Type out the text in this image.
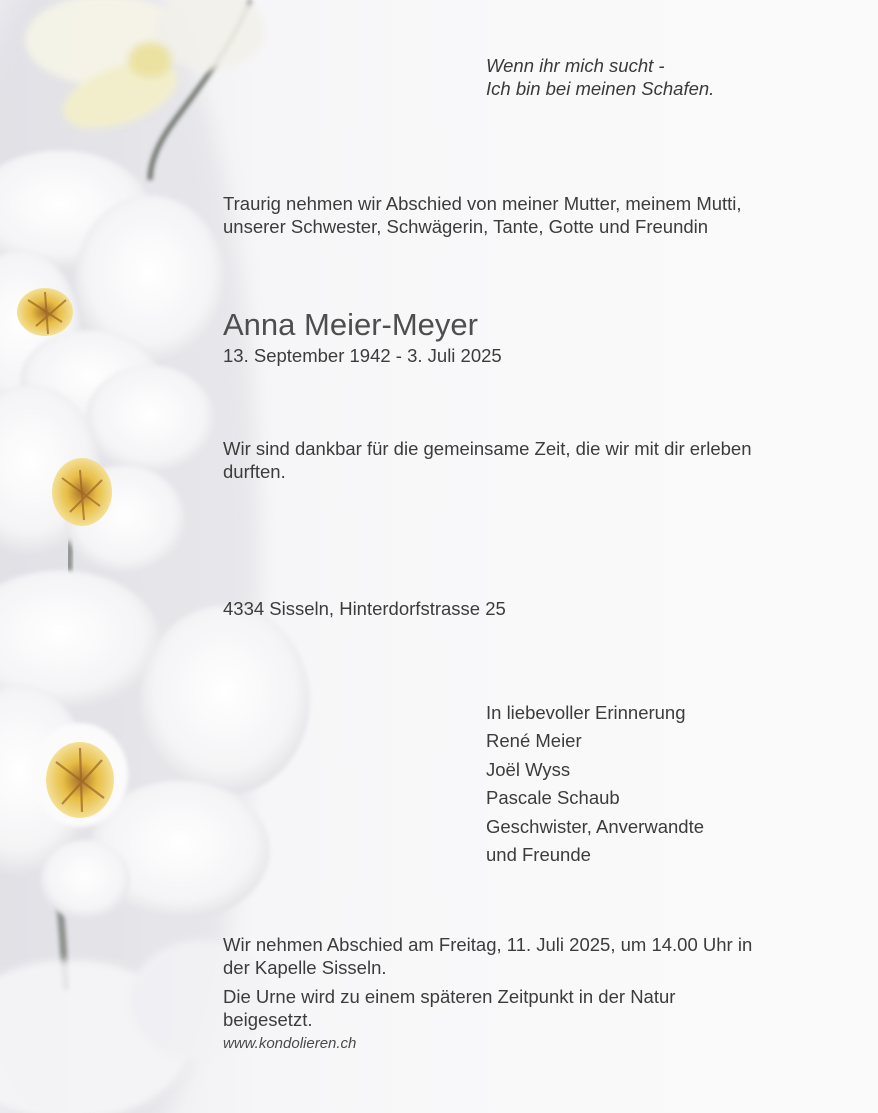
Wenn ihr mich sucht -
Ich bin bei meinen Schafen.

Traurig nehmen wir Abschied von meiner Mutter, meinem Mutti,
unserer Schwester, Schwägerin, Tante, Gotte und Freundin

Anna Meier-Meyer
13. September 1942 - 3. Juli 2025

Wir sind dankbar für die gemeinsame Zeit, die wir mit dir erleben
durften.

4334 Sisseln, Hinterdorfstrasse 25
In liebevoller Erinnerung
René Meier
Joël Wyss
Pascale Schaub
Geschwister, Anverwandte
und Freunde

Wir nehmen Abschied am Freitag, 11. Juli 2025, um 14.00 Uhr in
der Kapelle Sisseln.

Die Urne wird zu einem späteren Zeitpunkt in der Natur
beigesetzt.

www.kondolieren.ch
